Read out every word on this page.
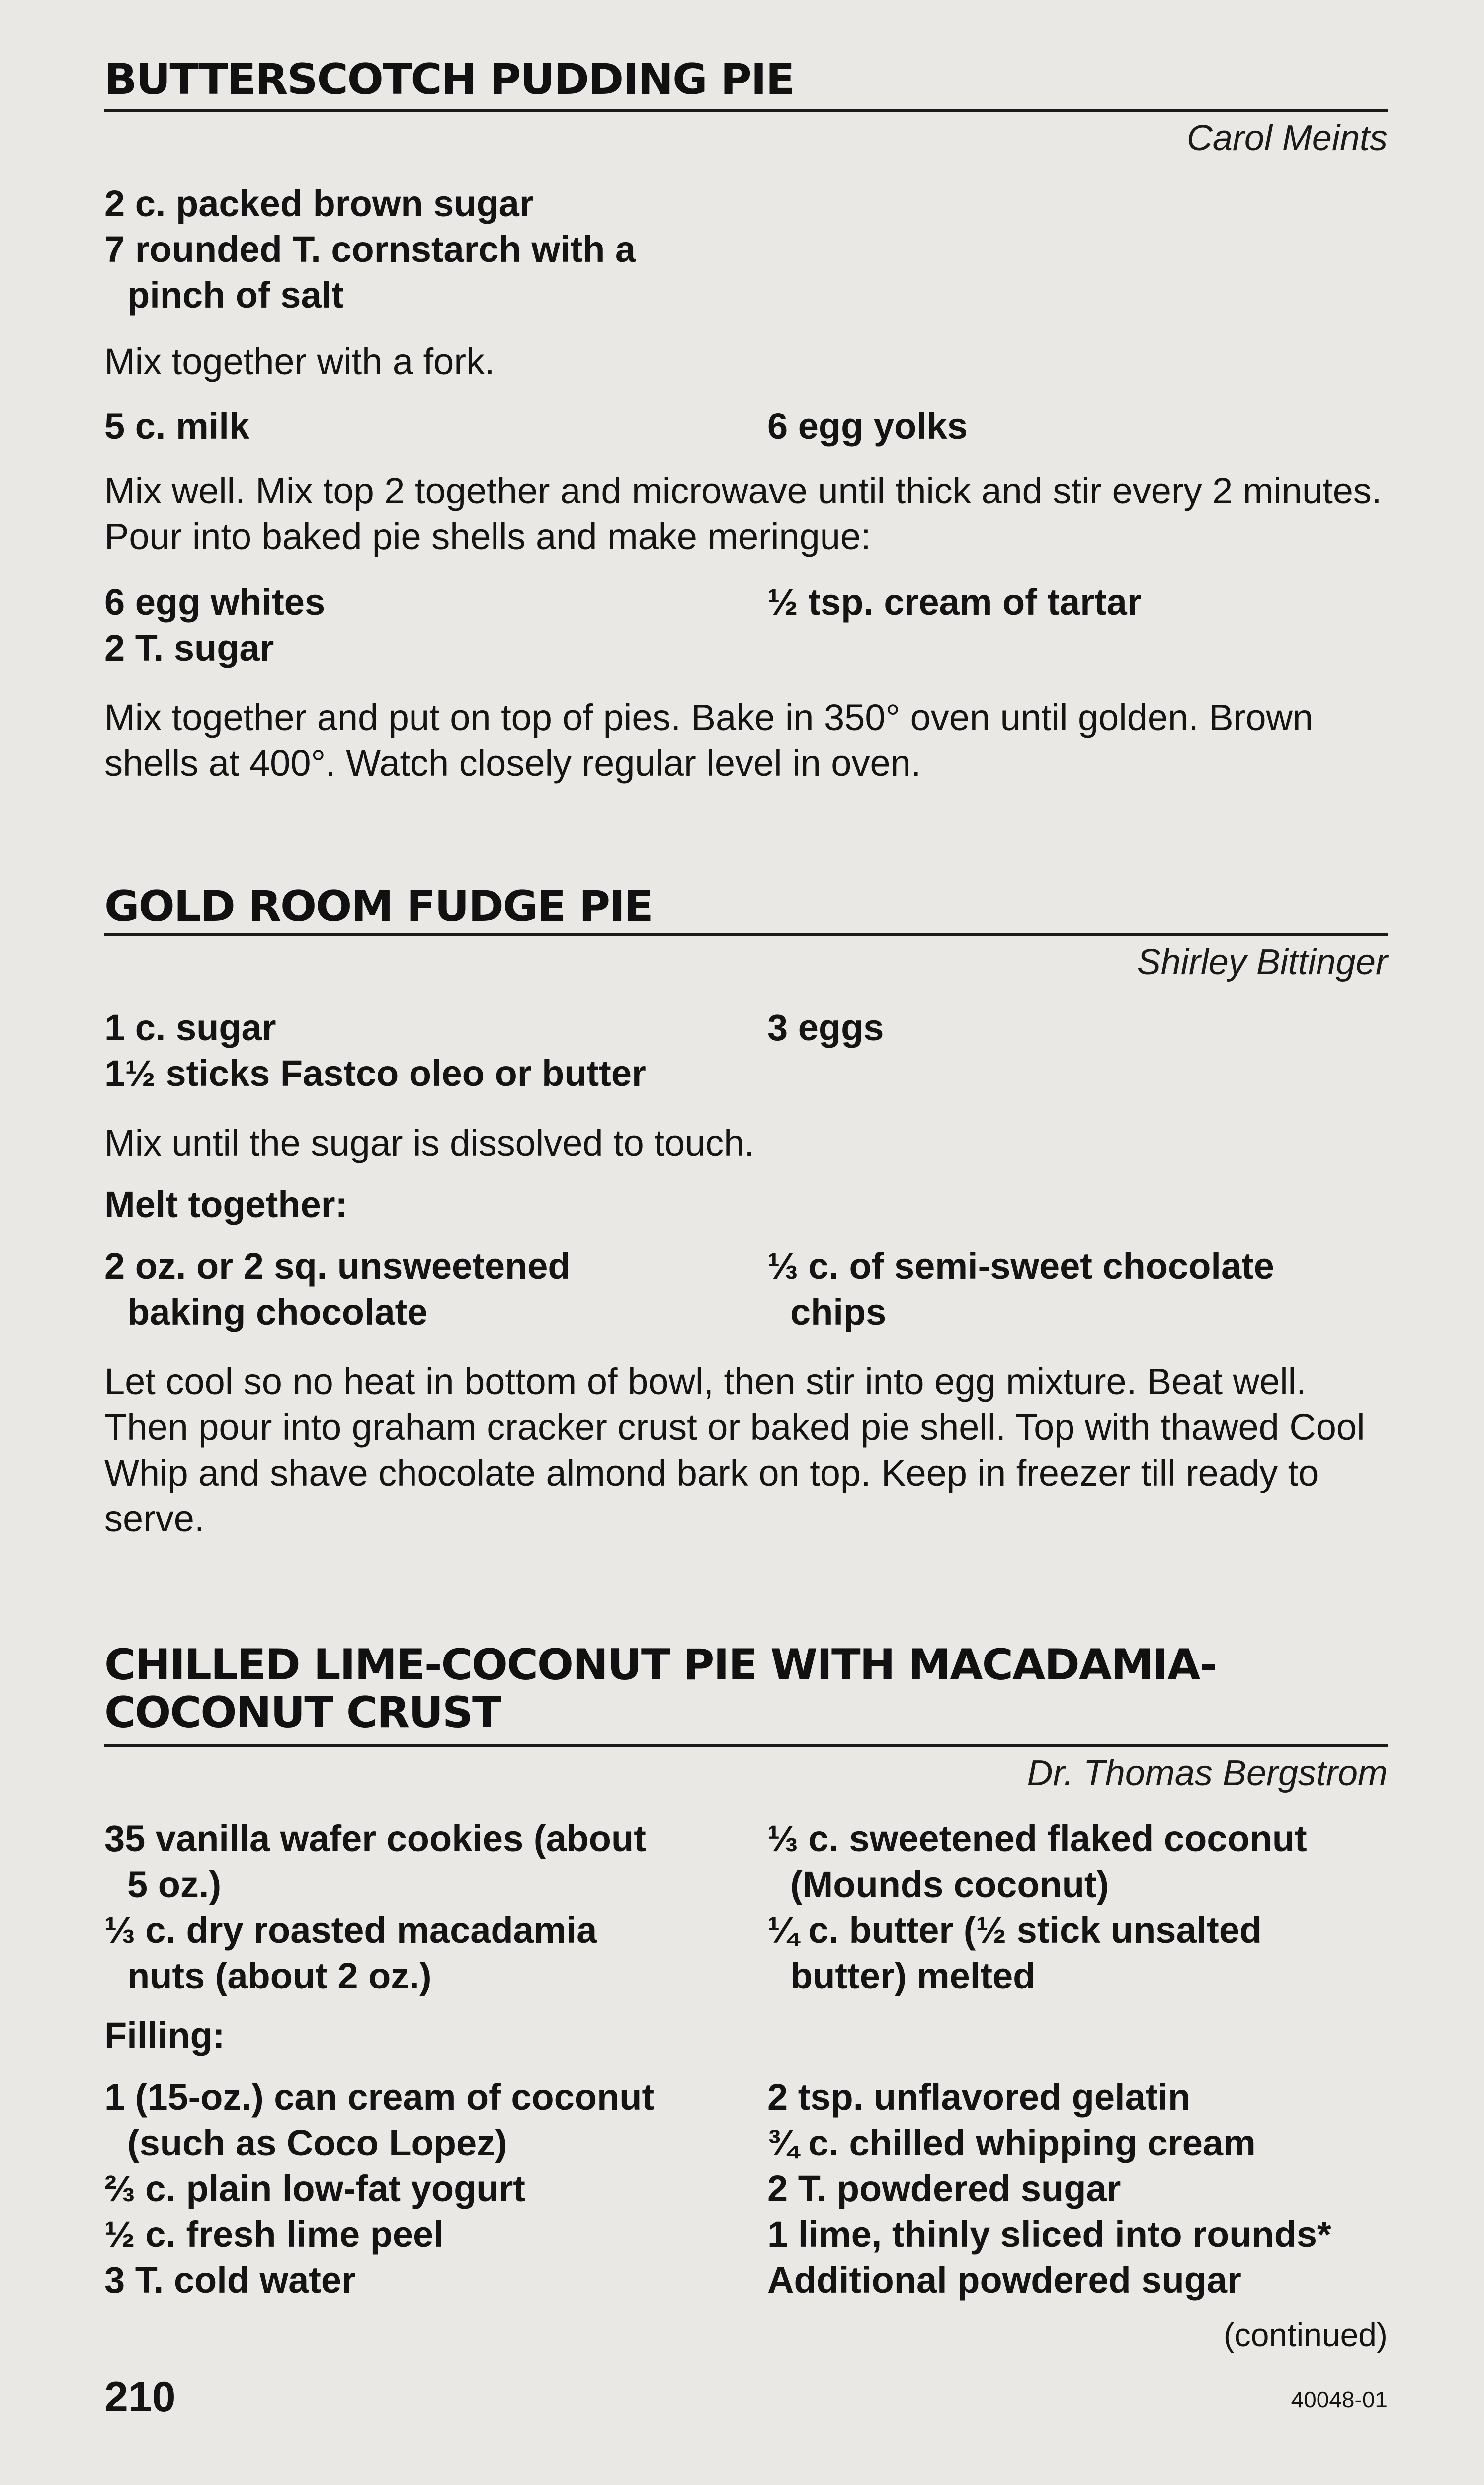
BUTTERSCOTCH PUDDING PIE
Carol Meints
2 c. packed brown sugar
7 rounded T. cornstarch with a
pinch of salt

Mix together with a fork.

5 c. milk	6 egg yolks

Mix well. Mix top 2 together and microwave until thick and stir every 2 minutes. Pour into baked pie shells and make meringue:

6 egg whites
2 T. sugar
½ tsp. cream of tartar

Mix together and put on top of pies. Bake in 350° oven until golden. Brown shells at 400°. Watch closely regular level in oven.

GOLD ROOM FUDGE PIE
Shirley Bittinger
1 c. sugar
1½ sticks Fastco oleo or butter
3 eggs

Mix until the sugar is dissolved to touch.

Melt together:

2 oz. or 2 sq. unsweetened
baking chocolate
⅓ c. of semi-sweet chocolate
chips

Let cool so no heat in bottom of bowl, then stir into egg mixture. Beat well. Then pour into graham cracker crust or baked pie shell. Top with thawed Cool Whip and shave chocolate almond bark on top. Keep in freezer till ready to serve.

CHILLED LIME-COCONUT PIE WITH MACADAMIA-COCONUT CRUST
Dr. Thomas Bergstrom
35 vanilla wafer cookies (about
5 oz.)
⅓ c. dry roasted macadamia
nuts (about 2 oz.)
⅓ c. sweetened flaked coconut
(Mounds coconut)
¼ c. butter (½ stick unsalted
butter) melted

Filling:

1 (15-oz.) can cream of coconut
(such as Coco Lopez)
⅔ c. plain low-fat yogurt
½ c. fresh lime peel
3 T. cold water
2 tsp. unflavored gelatin
¾ c. chilled whipping cream
2 T. powdered sugar
1 lime, thinly sliced into rounds*
Additional powdered sugar
(continued)
210	40048-01
